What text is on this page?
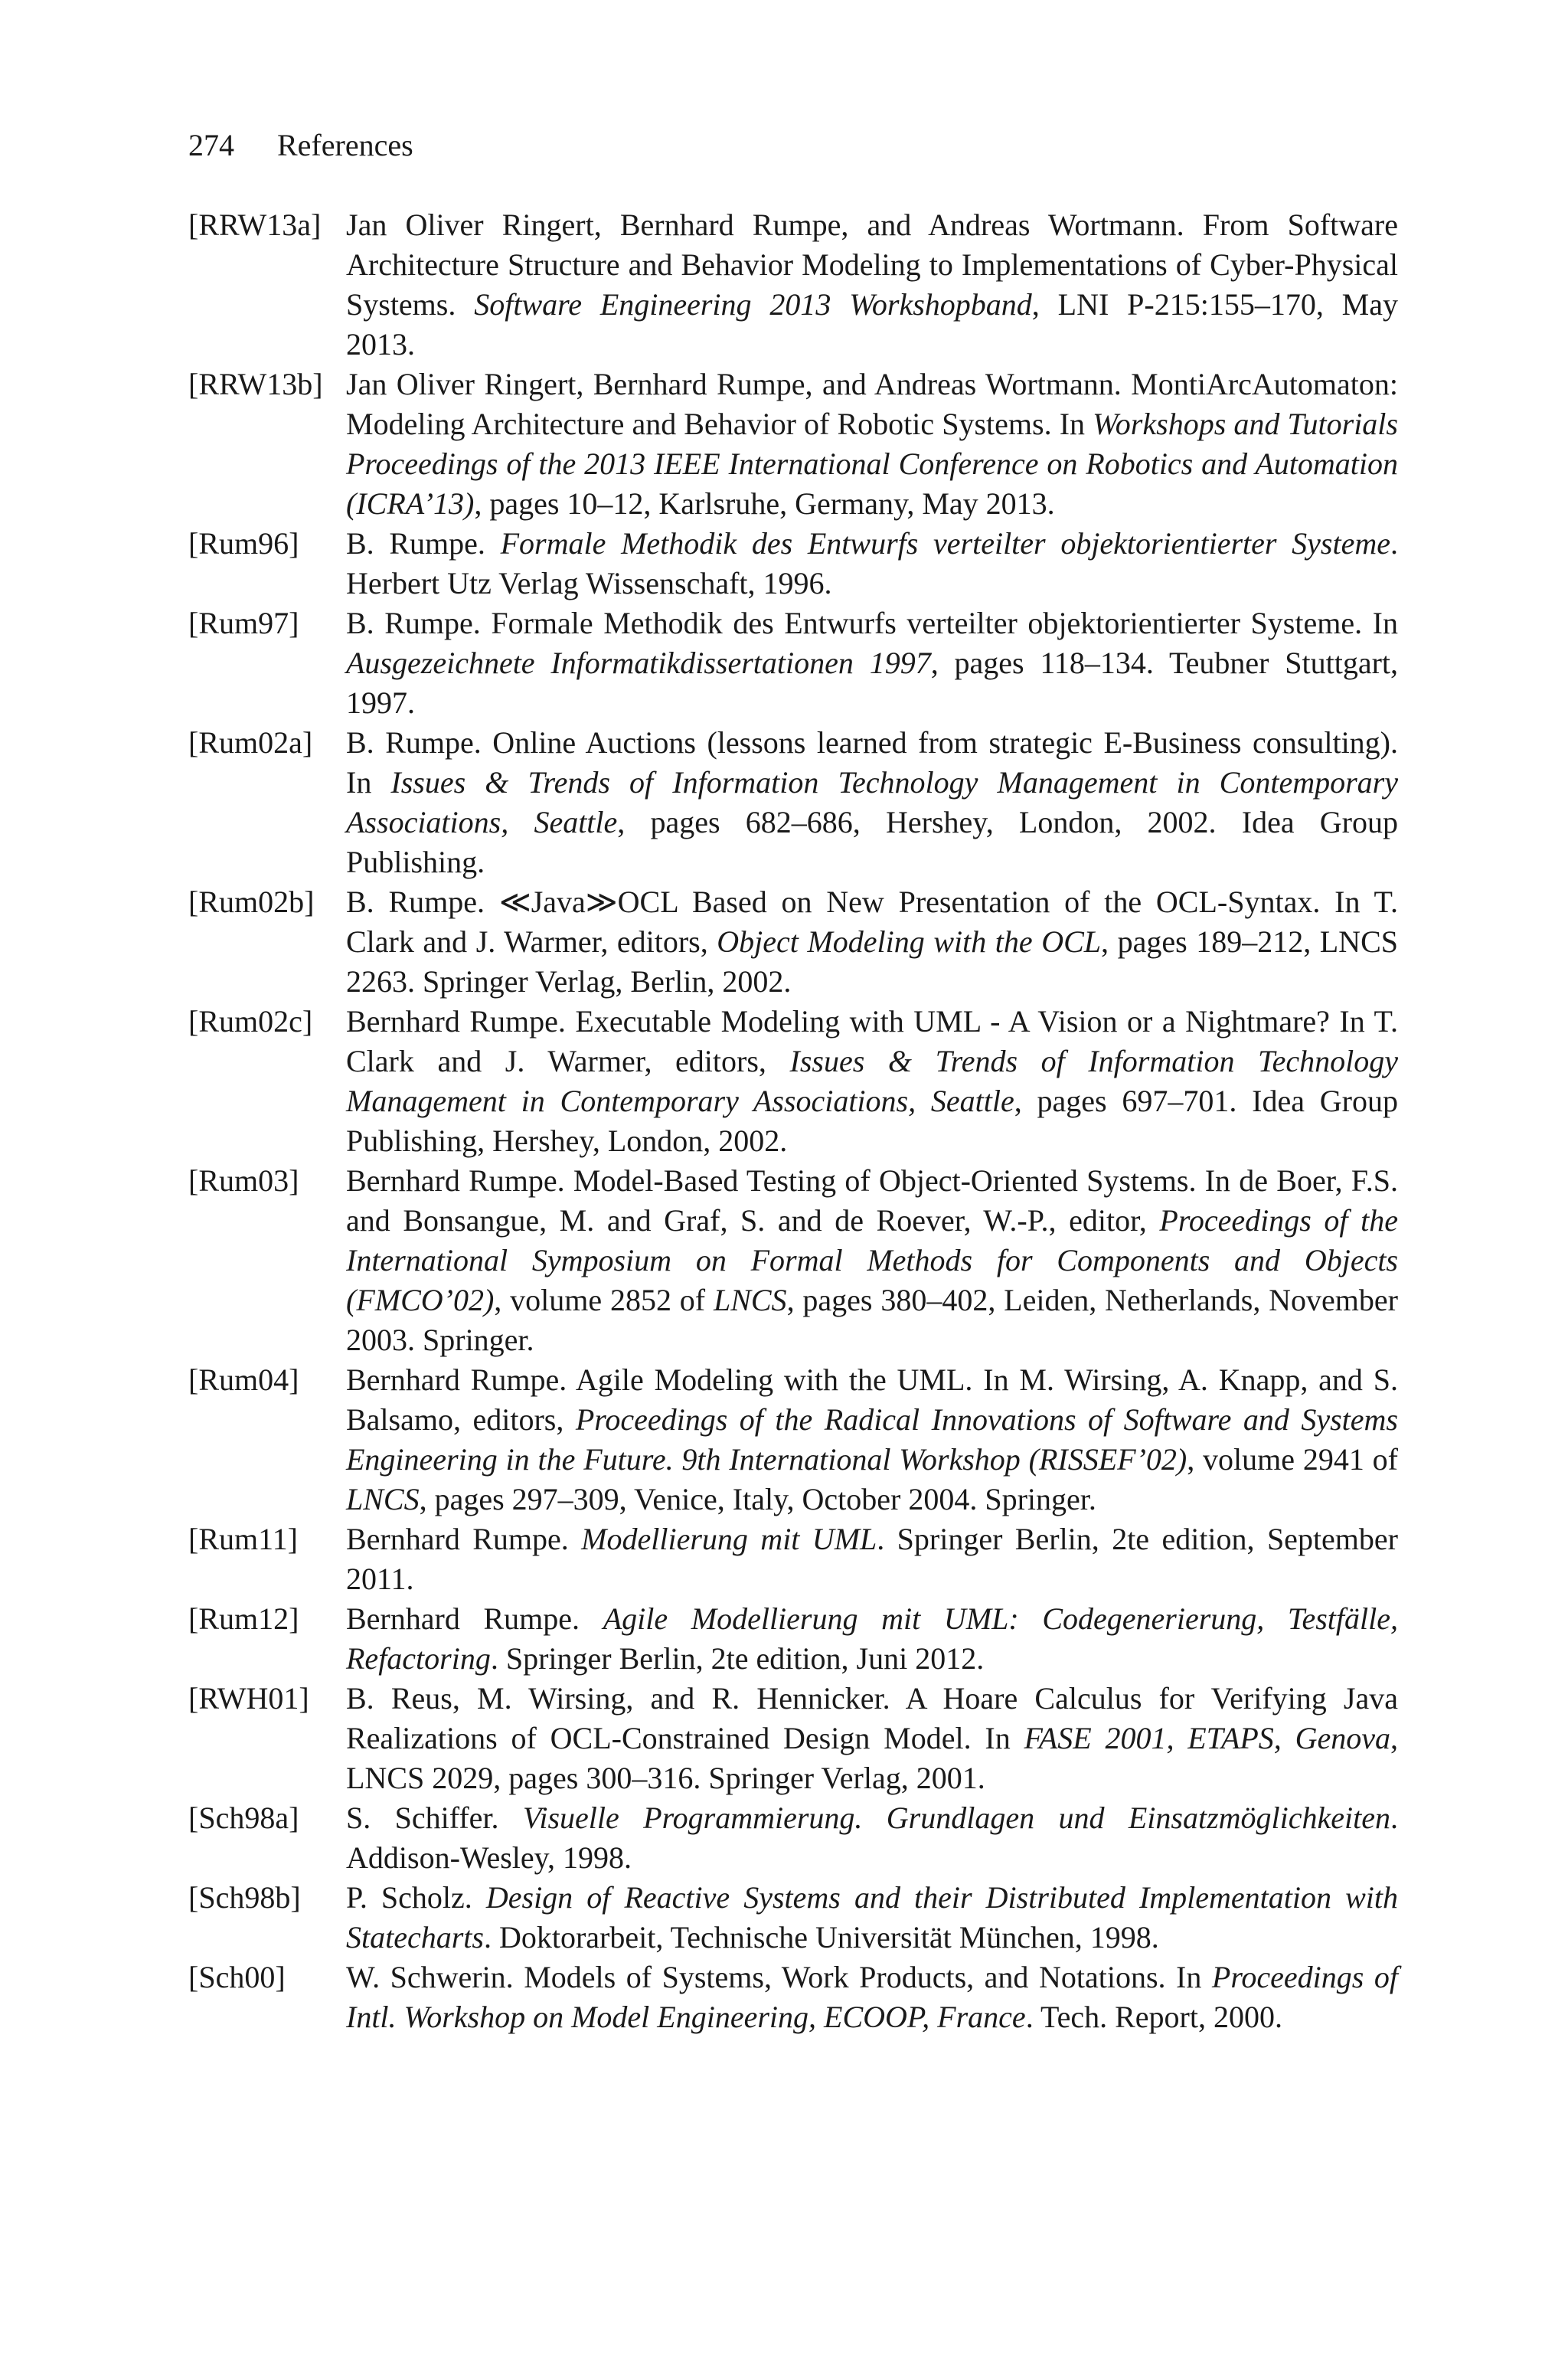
274 References
[RRW13a] Jan Oliver Ringert, Bernhard Rumpe, and Andreas Wortmann. From Software Architecture Structure and Behavior Modeling to Implementations of Cyber-Physical Systems. Software Engineering 2013 Workshopband, LNI P-215:155–170, May 2013.
[RRW13b] Jan Oliver Ringert, Bernhard Rumpe, and Andreas Wortmann. MontiArcAutomaton: Modeling Architecture and Behavior of Robotic Systems. In Workshops and Tutorials Proceedings of the 2013 IEEE International Conference on Robotics and Automation (ICRA’13), pages 10–12, Karlsruhe, Germany, May 2013.
[Rum96]	B. Rumpe. Formale Methodik des Entwurfs verteilter objektorientierter Systeme. Herbert Utz Verlag Wissenschaft, 1996.
[Rum97]	B. Rumpe. Formale Methodik des Entwurfs verteilter objektorientierter Systeme. In Ausgezeichnete Informatikdissertationen 1997, pages 118–134. Teubner Stuttgart, 1997.
[Rum02a]	B. Rumpe. Online Auctions (lessons learned from strategic E-Business consulting). In Issues & Trends of Information Technology Management in Contemporary Associations, Seattle, pages 682–686, Hershey, London, 2002. Idea Group Publishing.
[Rum02b]	B. Rumpe. ≪Java≫OCL Based on New Presentation of the OCL-Syntax. In T. Clark and J. Warmer, editors, Object Modeling with the OCL, pages 189–212, LNCS 2263. Springer Verlag, Berlin, 2002.
[Rum02c]	Bernhard Rumpe. Executable Modeling with UML - A Vision or a Nightmare? In T. Clark and J. Warmer, editors, Issues & Trends of Information Technology Management in Contemporary Associations, Seattle, pages 697–701. Idea Group Publishing, Hershey, London, 2002.
[Rum03]	Bernhard Rumpe. Model-Based Testing of Object-Oriented Systems. In de Boer, F.S. and Bonsangue, M. and Graf, S. and de Roever, W.-P., editor, Proceedings of the International Symposium on Formal Methods for Components and Objects (FMCO’02), volume 2852 of LNCS, pages 380–402, Leiden, Netherlands, November 2003. Springer.
[Rum04]	Bernhard Rumpe. Agile Modeling with the UML. In M. Wirsing, A. Knapp, and S. Balsamo, editors, Proceedings of the Radical Innovations of Software and Systems Engineering in the Future. 9th International Workshop (RISSEF’02), volume 2941 of LNCS, pages 297–309, Venice, Italy, October 2004. Springer.
[Rum11]	Bernhard Rumpe. Modellierung mit UML. Springer Berlin, 2te edition, September 2011.
[Rum12]	Bernhard Rumpe. Agile Modellierung mit UML: Codegenerierung, Testfälle, Refactoring. Springer Berlin, 2te edition, Juni 2012.
[RWH01]	B. Reus, M. Wirsing, and R. Hennicker. A Hoare Calculus for Verifying Java Realizations of OCL-Constrained Design Model. In FASE 2001, ETAPS, Genova, LNCS 2029, pages 300–316. Springer Verlag, 2001.
[Sch98a]	S. Schiffer. Visuelle Programmierung. Grundlagen und Einsatzmöglichkeiten. Addison-Wesley, 1998.
[Sch98b]	P. Scholz. Design of Reactive Systems and their Distributed Implementation with Statecharts. Doktorarbeit, Technische Universität München, 1998.
[Sch00]	W. Schwerin. Models of Systems, Work Products, and Notations. In Proceedings of Intl. Workshop on Model Engineering, ECOOP, France. Tech. Report, 2000.
